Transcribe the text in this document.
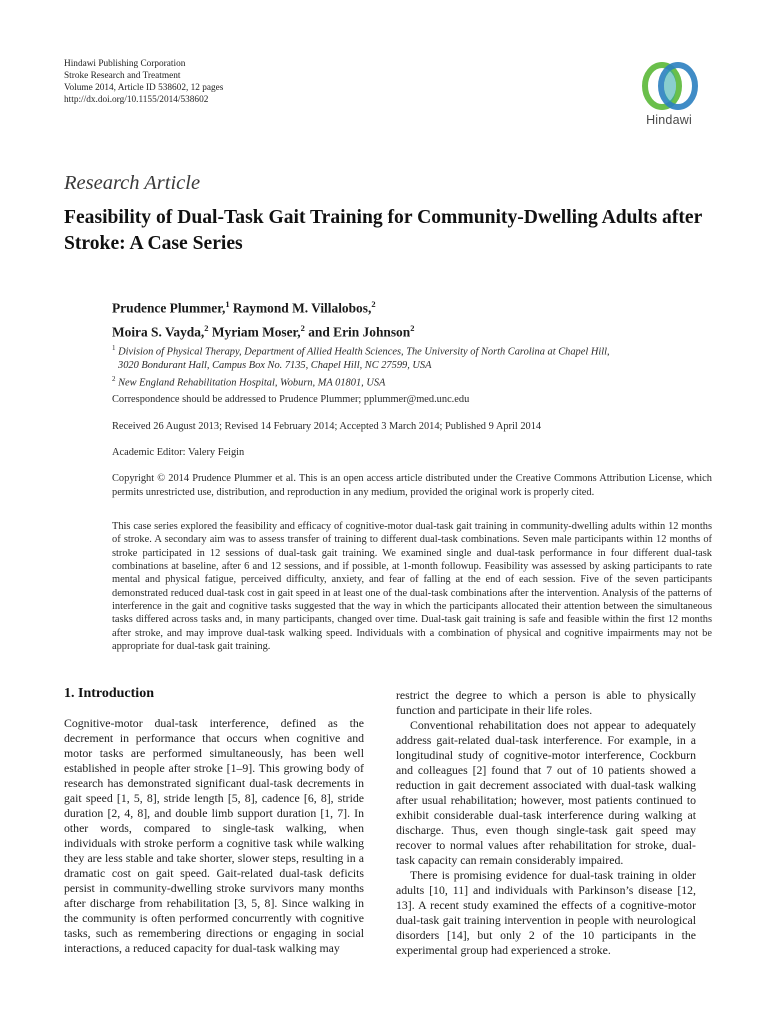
Hindawi Publishing Corporation
Stroke Research and Treatment
Volume 2014, Article ID 538602, 12 pages
http://dx.doi.org/10.1155/2014/538602
Hindawi
Research Article
Feasibility of Dual-Task Gait Training for Community-Dwelling Adults after Stroke: A Case Series
Prudence Plummer,$^1$ Raymond M. Villalobos,$^2$
Moira S. Vayda,$^2$ Myriam Moser,$^2$ and Erin Johnson$^2$
$^1$ Division of Physical Therapy, Department of Allied Health Sciences, The University of North Carolina at Chapel Hill,
3020 Bondurant Hall, Campus Box No. 7135, Chapel Hill, NC 27599, USA
$^2$ New England Rehabilitation Hospital, Woburn, MA 01801, USA
Correspondence should be addressed to Prudence Plummer; pplummer@med.unc.edu
Received 26 August 2013; Revised 14 February 2014; Accepted 3 March 2014; Published 9 April 2014
Academic Editor: Valery Feigin
Copyright © 2014 Prudence Plummer et al. This is an open access article distributed under the Creative Commons Attribution License, which permits unrestricted use, distribution, and reproduction in any medium, provided the original work is properly cited.
This case series explored the feasibility and efficacy of cognitive-motor dual-task gait training in community-dwelling adults within 12 months of stroke. A secondary aim was to assess transfer of training to different dual-task combinations. Seven male participants within 12 months of stroke participated in 12 sessions of dual-task gait training. We examined single and dual-task performance in four different dual-task combinations at baseline, after 6 and 12 sessions, and if possible, at 1-month followup. Feasibility was assessed by asking participants to rate mental and physical fatigue, perceived difficulty, anxiety, and fear of falling at the end of each session. Five of the seven participants demonstrated reduced dual-task cost in gait speed in at least one of the dual-task combinations after the intervention. Analysis of the patterns of interference in the gait and cognitive tasks suggested that the way in which the participants allocated their attention between the simultaneous tasks differed across tasks and, in many participants, changed over time. Dual-task gait training is safe and feasible within the first 12 months after stroke, and may improve dual-task walking speed. Individuals with a combination of physical and cognitive impairments may not be appropriate for dual-task gait training.
1. Introduction

Cognitive-motor dual-task interference, defined as the decrement in performance that occurs when cognitive and motor tasks are performed simultaneously, has been well established in people after stroke [1–9]. This growing body of research has demonstrated significant dual-task decrements in gait speed [1, 5, 8], stride length [5, 8], cadence [6, 8], stride duration [2, 4, 8], and double limb support duration [1, 7]. In other words, compared to single-task walking, when individuals with stroke perform a cognitive task while walking they are less stable and take shorter, slower steps, resulting in a dramatic cost on gait speed. Gait-related dual-task deficits persist in community-dwelling stroke survivors many months after discharge from rehabilitation [3, 5, 8]. Since walking in the community is often performed concurrently with cognitive tasks, such as remembering directions or engaging in social interactions, a reduced capacity for dual-task walking may

restrict the degree to which a person is able to physically function and participate in their life roles.

Conventional rehabilitation does not appear to adequately address gait-related dual-task interference. For example, in a longitudinal study of cognitive-motor interference, Cockburn and colleagues [2] found that 7 out of 10 patients showed a reduction in gait decrement associated with dual-task walking after usual rehabilitation; however, most patients continued to exhibit considerable dual-task interference during walking at discharge. Thus, even though single-task gait speed may recover to normal values after rehabilitation for stroke, dual-task capacity can remain considerably impaired.

There is promising evidence for dual-task training in older adults [10, 11] and individuals with Parkinson’s disease [12, 13]. A recent study examined the effects of a cognitive-motor dual-task gait training intervention in people with neurological disorders [14], but only 2 of the 10 participants in the experimental group had experienced a stroke.
